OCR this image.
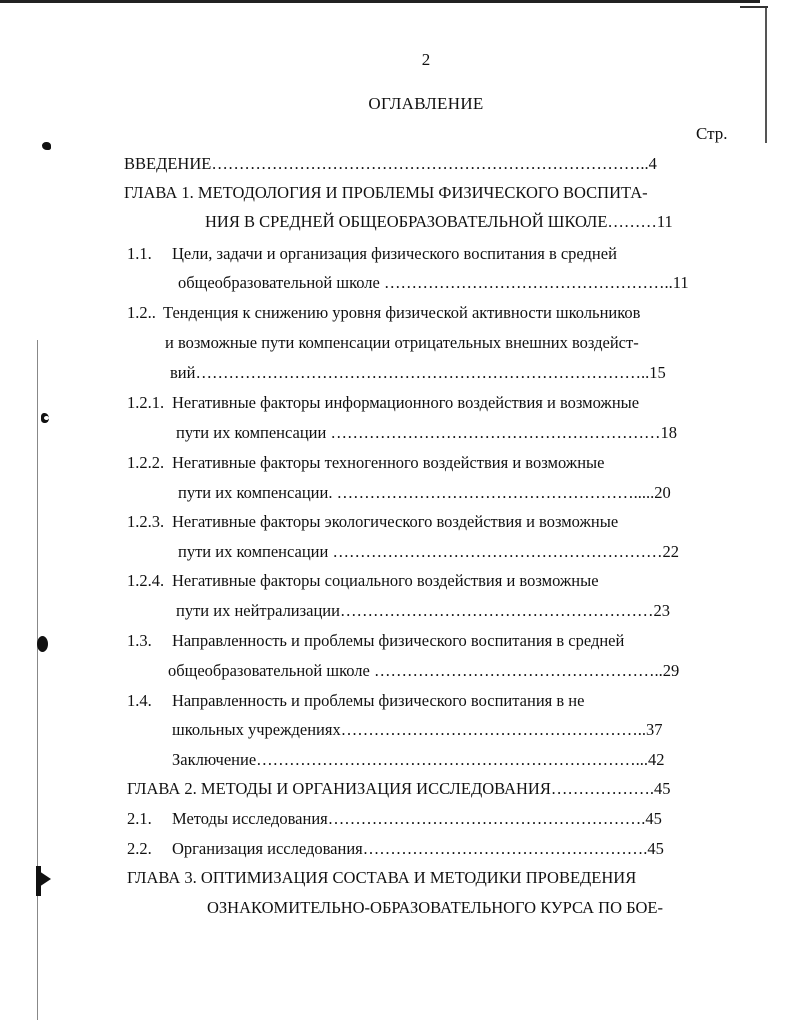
2
ОГЛАВЛЕНИЕ
Стр.
ВВЕДЕНИЕ……………………………………………………………………..4
ГЛАВА 1. МЕТОДОЛОГИЯ И ПРОБЛЕМЫ ФИЗИЧЕСКОГО ВОСПИТА-
НИЯ В СРЕДНЕЙ ОБЩЕОБРАЗОВАТЕЛЬНОЙ ШКОЛЕ………11
1.1. Цели, задачи и организация физического воспитания в средней
общеобразовательной школе ……………………………………………..11
1.2.. Тенденция к снижению уровня физической активности школьников
и возможные пути компенсации отрицательных внешних воздейст-
вий………………………………………………………………………..15
1.2.1. Негативные факторы информационного воздействия и возможные
пути их компенсации ……………………………………………………18
1.2.2. Негативные факторы техногенного воздействия и возможные
пути их компенсации. ……………………………………………….....20
1.2.3. Негативные факторы экологического воздействия и возможные
пути их компенсации ……………………………………………………22
1.2.4. Негативные факторы социального воздействия и возможные
пути их нейтрализации…………………………………………………23
1.3. Направленность и проблемы физического воспитания в средней
общеобразовательной школе ……………………………………………..29
1.4. Направленность и проблемы физического воспитания в не
школьных учреждениях………………………………………………..37
Заключение……………………………………………………………...42
ГЛАВА 2. МЕТОДЫ И ОРГАНИЗАЦИЯ ИССЛЕДОВАНИЯ……………….45
2.1. Методы исследования………………………………………………….45
2.2. Организация исследования…………………………………………….45
ГЛАВА 3. ОПТИМИЗАЦИЯ СОСТАВА И МЕТОДИКИ ПРОВЕДЕНИЯ
ОЗНАКОМИТЕЛЬНО-ОБРАЗОВАТЕЛЬНОГО КУРСА ПО БОЕ-
